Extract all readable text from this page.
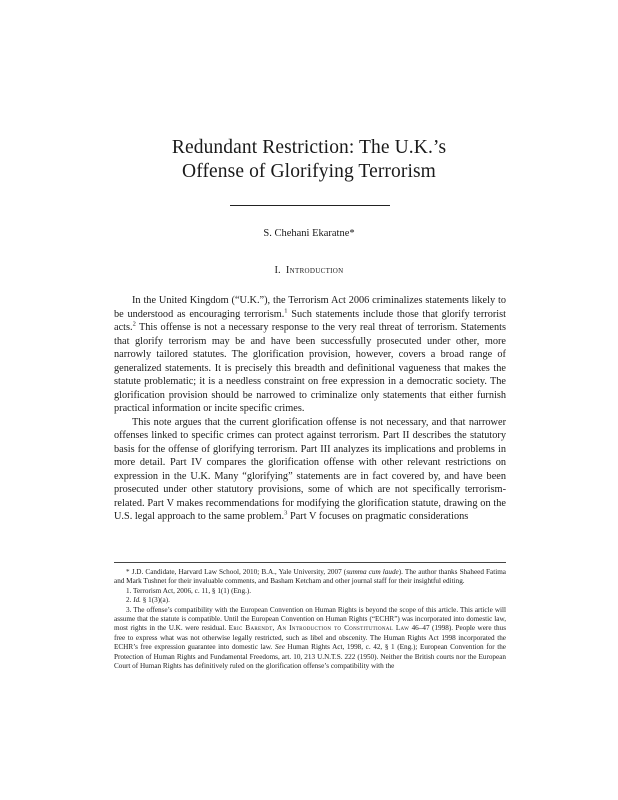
Redundant Restriction: The U.K.’s
Offense of Glorifying Terrorism
S. Chehani Ekaratne*
I. Introduction

In the United Kingdom (“U.K.”), the Terrorism Act 2006 criminalizes statements likely to be understood as encouraging terrorism.$^1$ Such statements include those that glorify terrorist acts.$^2$ This offense is not a necessary response to the very real threat of terrorism. Statements that glorify terrorism may be and have been successfully prosecuted under other, more narrowly tailored statutes. The glorification provision, however, covers a broad range of generalized statements. It is precisely this breadth and definitional vagueness that makes the statute problematic; it is a needless constraint on free expression in a democratic society. The glorification provision should be narrowed to criminalize only statements that either furnish practical information or incite specific crimes.

This note argues that the current glorification offense is not necessary, and that narrower offenses linked to specific crimes can protect against terrorism. Part II describes the statutory basis for the offense of glorifying terrorism. Part III analyzes its implications and problems in more detail. Part IV compares the glorification offense with other relevant restrictions on expression in the U.K. Many “glorifying” statements are in fact covered by, and have been prosecuted under other statutory provisions, some of which are not specifically terrorism-related. Part V makes recommendations for modifying the glorification statute, drawing on the U.S. legal approach to the same problem.$^3$ Part V focuses on pragmatic considerations

* J.D. Candidate, Harvard Law School, 2010; B.A., Yale University, 2007 (summa cum laude). The author thanks Shaheed Fatima and Mark Tushnet for their invaluable comments, and Basham Ketcham and other journal staff for their insightful editing.

1. Terrorism Act, 2006, c. 11, § 1(1) (Eng.).

2. Id. § 1(3)(a).

3. The offense’s compatibility with the European Convention on Human Rights is beyond the scope of this article. This article will assume that the statute is compatible. Until the European Convention on Human Rights (“ECHR”) was incorporated into domestic law, most rights in the U.K. were residual. Eric Barendt, An Introduction to Constitutional Law 46–47 (1998). People were thus free to express what was not otherwise legally restricted, such as libel and obscenity. The Human Rights Act 1998 incorporated the ECHR’s free expression guarantee into domestic law. See Human Rights Act, 1998, c. 42, § 1 (Eng.); European Convention for the Protection of Human Rights and Fundamental Freedoms, art. 10, 213 U.N.T.S. 222 (1950). Neither the British courts nor the European Court of Human Rights has definitively ruled on the glorification offense’s compatibility with the
